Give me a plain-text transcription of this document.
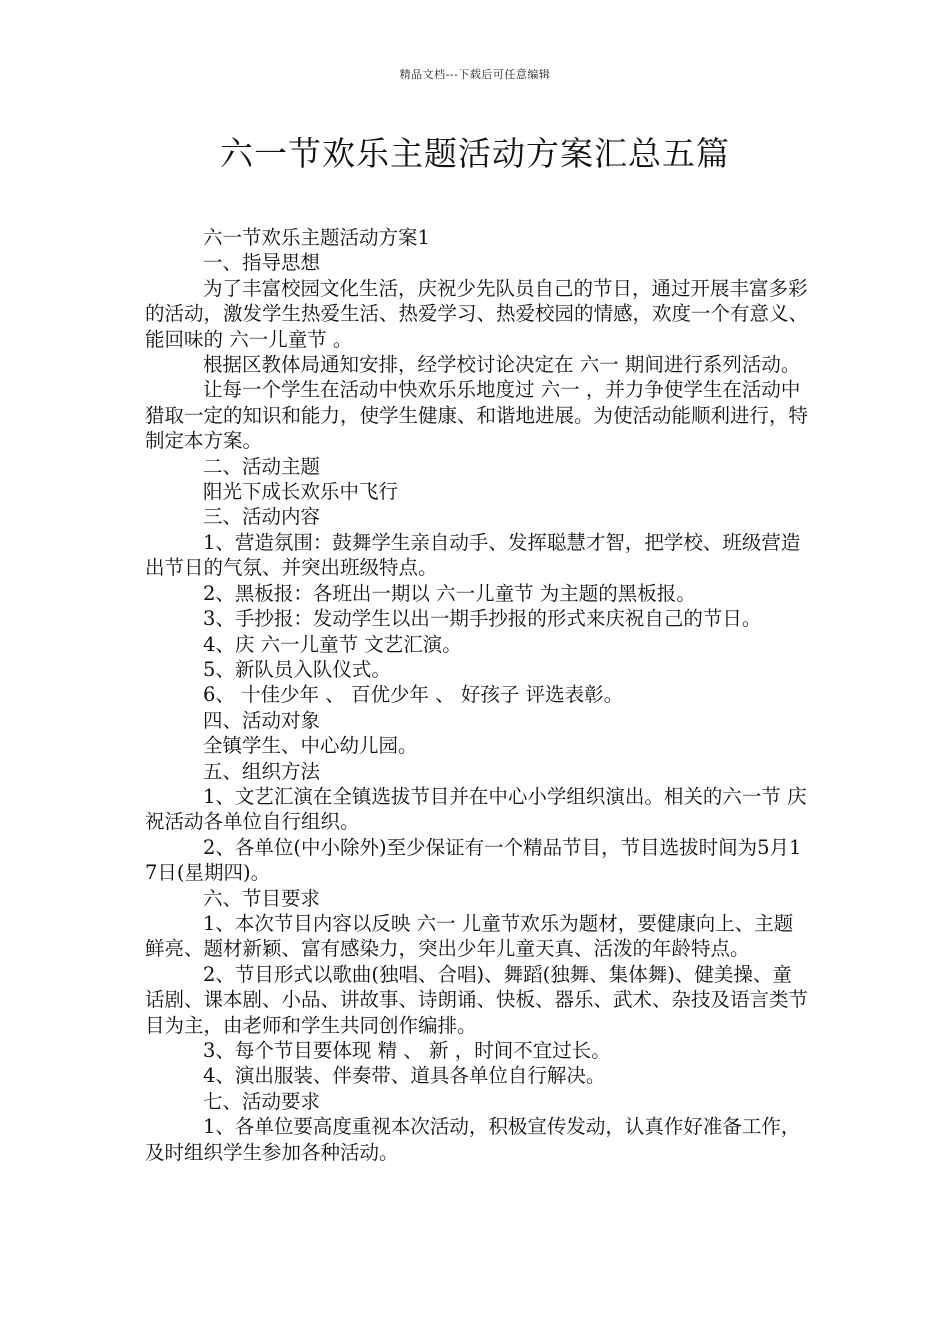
精品文档---下载后可任意编辑
六一节欢乐主题活动方案汇总五篇

六一节欢乐主题活动方案1

一、指导思想

为了丰富校园文化生活，庆祝少先队员自己的节日，通过开展丰富多彩的活动，激发学生热爱生活、热爱学习、热爱校园的情感，欢度一个有意义、能回味的 六一儿童节 。

根据区教体局通知安排，经学校讨论决定在 六一 期间进行系列活动。

让每一个学生在活动中快欢乐乐地度过 六一 ，并力争使学生在活动中猎取一定的知识和能力，使学生健康、和谐地进展。为使活动能顺利进行，特制定本方案。

二、活动主题

阳光下成长欢乐中飞行

三、活动内容

1、营造氛围：鼓舞学生亲自动手、发挥聪慧才智，把学校、班级营造出节日的气氛、并突出班级特点。

2、黑板报：各班出一期以 六一儿童节 为主题的黑板报。

3、手抄报：发动学生以出一期手抄报的形式来庆祝自己的节日。

4、庆 六一儿童节 文艺汇演。

5、新队员入队仪式。

6、 十佳少年 、 百优少年 、 好孩子 评选表彰。

四、活动对象

全镇学生、中心幼儿园。

五、组织方法

1、文艺汇演在全镇选拔节目并在中心小学组织演出。相关的六一节 庆祝活动各单位自行组织。

2、各单位(中小除外)至少保证有一个精品节目，节目选拔时间为5月17日(星期四)。

六、节目要求

1、本次节目内容以反映 六一 儿童节欢乐为题材，要健康向上、主题鲜亮、题材新颖、富有感染力，突出少年儿童天真、活泼的年龄特点。

2、节目形式以歌曲(独唱、合唱)、舞蹈(独舞、集体舞)、健美操、童话剧、课本剧、小品、讲故事、诗朗诵、快板、器乐、武术、杂技及语言类节目为主，由老师和学生共同创作编排。

3、每个节目要体现 精 、 新 ，时间不宜过长。

4、演出服装、伴奏带、道具各单位自行解决。

七、活动要求

1、各单位要高度重视本次活动，积极宣传发动，认真作好准备工作，及时组织学生参加各种活动。
